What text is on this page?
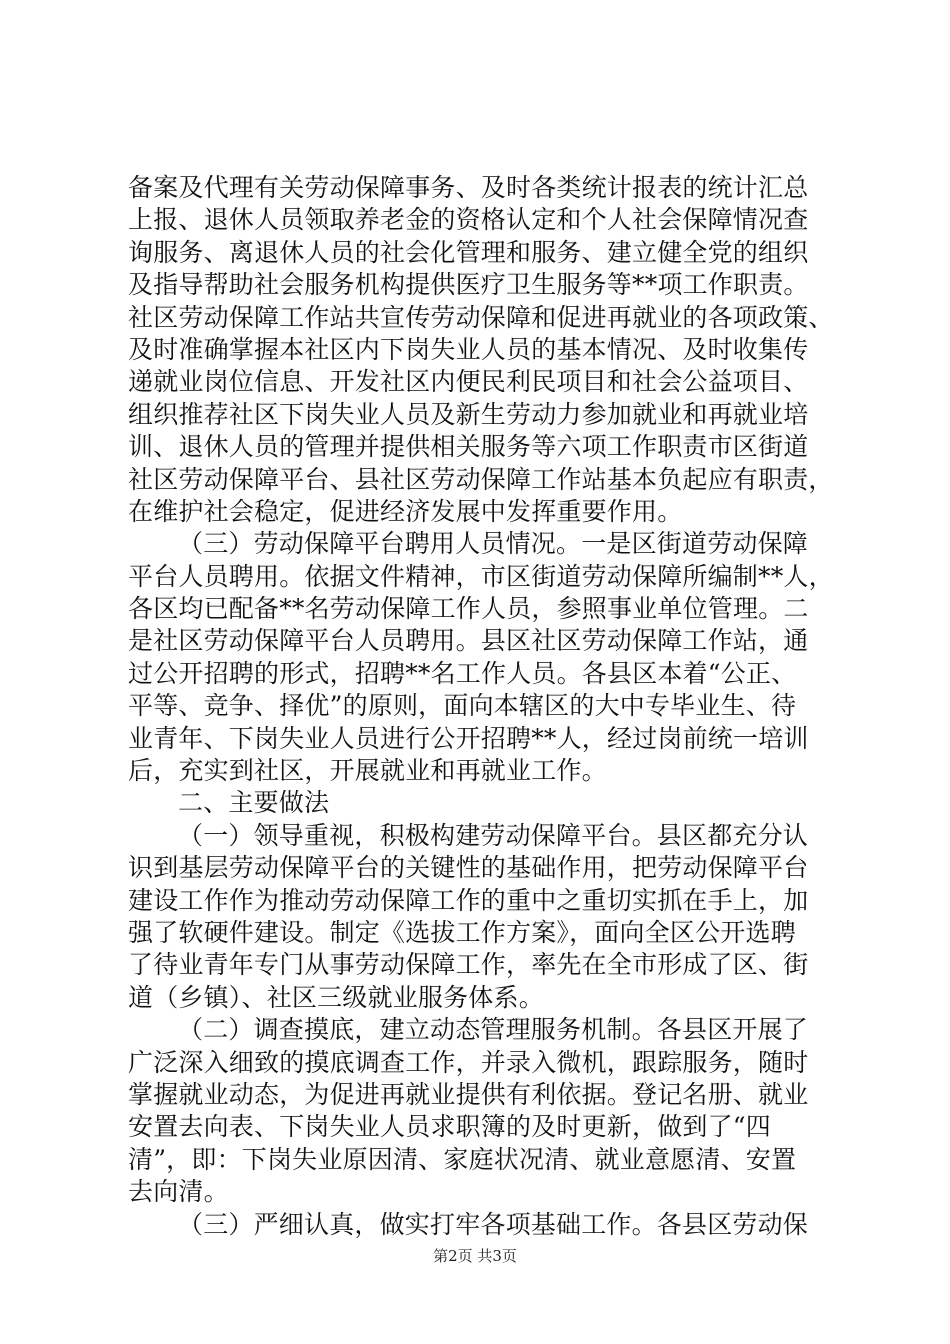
备案及代理有关劳动保障事务、及时各类统计报表的统计汇总
上报、退休人员领取养老金的资格认定和个人社会保障情况查
询服务、离退休人员的社会化管理和服务、建立健全党的组织
及指导帮助社会服务机构提供医疗卫生服务等**项工作职责。
社区劳动保障工作站共宣传劳动保障和促进再就业的各项政策、
及时准确掌握本社区内下岗失业人员的基本情况、及时收集传
递就业岗位信息、开发社区内便民利民项目和社会公益项目、
组织推荐社区下岗失业人员及新生劳动力参加就业和再就业培
训、退休人员的管理并提供相关服务等六项工作职责市区街道
社区劳动保障平台、县社区劳动保障工作站基本负起应有职责，
在维护社会稳定，促进经济发展中发挥重要作用。
（三）劳动保障平台聘用人员情况。一是区街道劳动保障
平台人员聘用。依据文件精神，市区街道劳动保障所编制**人，
各区均已配备**名劳动保障工作人员，参照事业单位管理。二
是社区劳动保障平台人员聘用。县区社区劳动保障工作站，通
过公开招聘的形式，招聘**名工作人员。各县区本着“公正、
平等、竞争、择优”的原则，面向本辖区的大中专毕业生、待
业青年、下岗失业人员进行公开招聘**人，经过岗前统一培训
后，充实到社区，开展就业和再就业工作。
二、主要做法
（一）领导重视，积极构建劳动保障平台。县区都充分认
识到基层劳动保障平台的关键性的基础作用，把劳动保障平台
建设工作作为推动劳动保障工作的重中之重切实抓在手上，加
强了软硬件建设。制定《选拔工作方案》，面向全区公开选聘
了待业青年专门从事劳动保障工作，率先在全市形成了区、街
道（乡镇）、社区三级就业服务体系。
（二）调查摸底，建立动态管理服务机制。各县区开展了
广泛深入细致的摸底调查工作，并录入微机，跟踪服务，随时
掌握就业动态，为促进再就业提供有利依据。登记名册、就业
安置去向表、下岗失业人员求职簿的及时更新，做到了“四
清”，即：下岗失业原因清、家庭状况清、就业意愿清、安置
去向清。
（三）严细认真，做实打牢各项基础工作。各县区劳动保
第2页 共3页
